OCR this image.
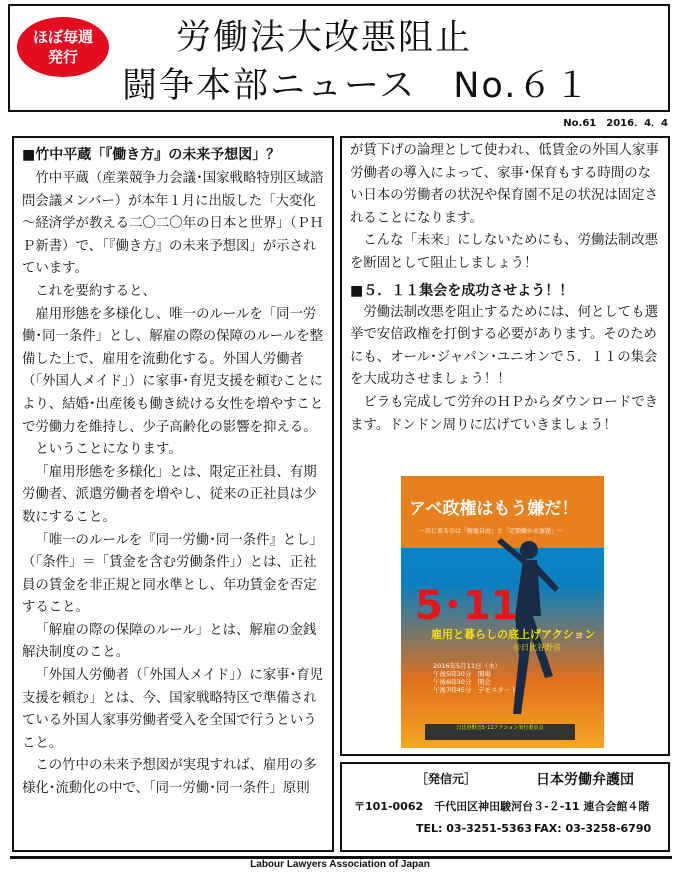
ほぼ毎週
発行	労働法大改悪阻止
闘争本部ニュース　No.６１
No.61　2016．4．4

■竹中平蔵「『働き方』の未来予想図」？

竹中平蔵（産業競争力会議･国家戦略特別区域諮問会議メンバー）が本年１月に出版した「大変化～経済学が教える二〇二〇年の日本と世界」（ＰＨＰ新書）で、「『働き方』の未来予想図」が示されています。

これを要約すると、

雇用形態を多様化し、唯一のルールを「同一労働･同一条件」とし、解雇の際の保障のルールを整備した上で、雇用を流動化する。外国人労働者（「外国人メイド」）に家事･育児支援を頼むことにより、結婚･出産後も働き続ける女性を増やすことで労働力を維持し、少子高齢化の影響を抑える。

ということになります。

「雇用形態を多様化」とは、限定正社員、有期労働者、派遣労働者を増やし、従来の正社員は少数にすること。

「唯一のルールを『同一労働･同一条件』とし」（「条件」＝「賃金を含む労働条件」）とは、正社員の賃金を非正規と同水準とし、年功賃金を否定すること。

「解雇の際の保障のルール」とは、解雇の金銭解決制度のこと。

「外国人労働者（「外国人メイド」）に家事･育児支援を頼む」とは、今、国家戦略特区で準備されている外国人家事労働者受入を全国で行うということ。

この竹中の未来予想図が実現すれば、雇用の多様化･流動化の中で、「同一労働･同一条件」原則

が賃下げの論理として使われ、低賃金の外国人家事労働者の導入によって、家事･保育もする時間のない日本の労働者の状況や保育園不足の状況は固定されることになります。

こんな「未来」にしないためにも、労働法制改悪を断固として阻止しましょう！

■５．１１集会を成功させよう！！

労働法制改悪を阻止するためには、何としても選挙で安倍政権を打倒する必要があります。そのためにも、オール･ジャパン･ユニオンで５．１１の集会を大成功させましょう！！

ビラも完成して労弁のＨＰからダウンロードできます。ドンドン周りに広げていきましょう！

アベ政権はもう嫌だ！
～次に来るのは「解雇自由」と「定額働かせ放題」～
5･11
雇用と暮らしの底上げアクション
＠日比谷野音
2016年5月11日（水）
午後5時30分　開場
午後6時30分　開会
午後7時45分　デモスタート
日比谷野音5･11アクション実行委員会
［発信元］	日本労働弁護団
〒101-0062　千代田区神田駿河台３-２-11 連合会館４階
TEL: 03-3251-5363 FAX: 03-3258-6790
Labour Lawyers Association of Japan
